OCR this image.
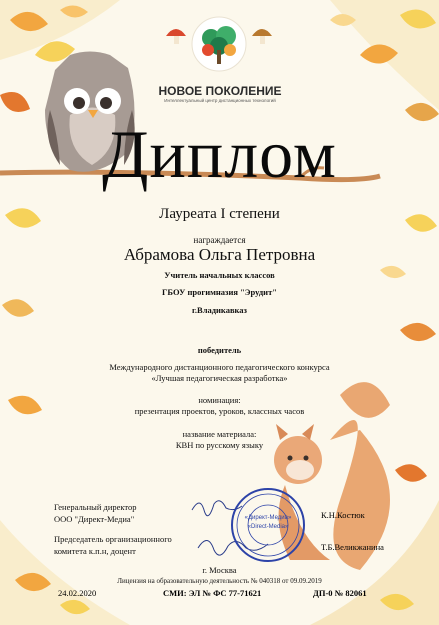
НОВОЕ ПОКОЛЕНИЕ
Интеллектуальный центр дистанционных технологий
Диплом
Лауреата I степени
награждается
Абрамова Ольга Петровна
Учитель начальных классов
ГБОУ прогимназия "Эрудит"
г.Владикавказ
победитель
Международного дистанционного педагогического конкурса
«Лучшая педагогическая разработка»
номинация:
презентация проектов, уроков, классных часов
название материала:
КВН по русскому языку
Генеральный директор
ООО "Директ-Медиа"	К.Н.Костюк
Председатель организационного
комитета к.п.н, доцент	Т.Б.Великжанина
«Директ-Медиа»
«Direct-Media»
г. Москва
Лицензия на образовательную деятельность № 040318 от 09.09.2019
24.02.2020	СМИ: ЭЛ № ФС 77-71621	ДП-0 № 82061
